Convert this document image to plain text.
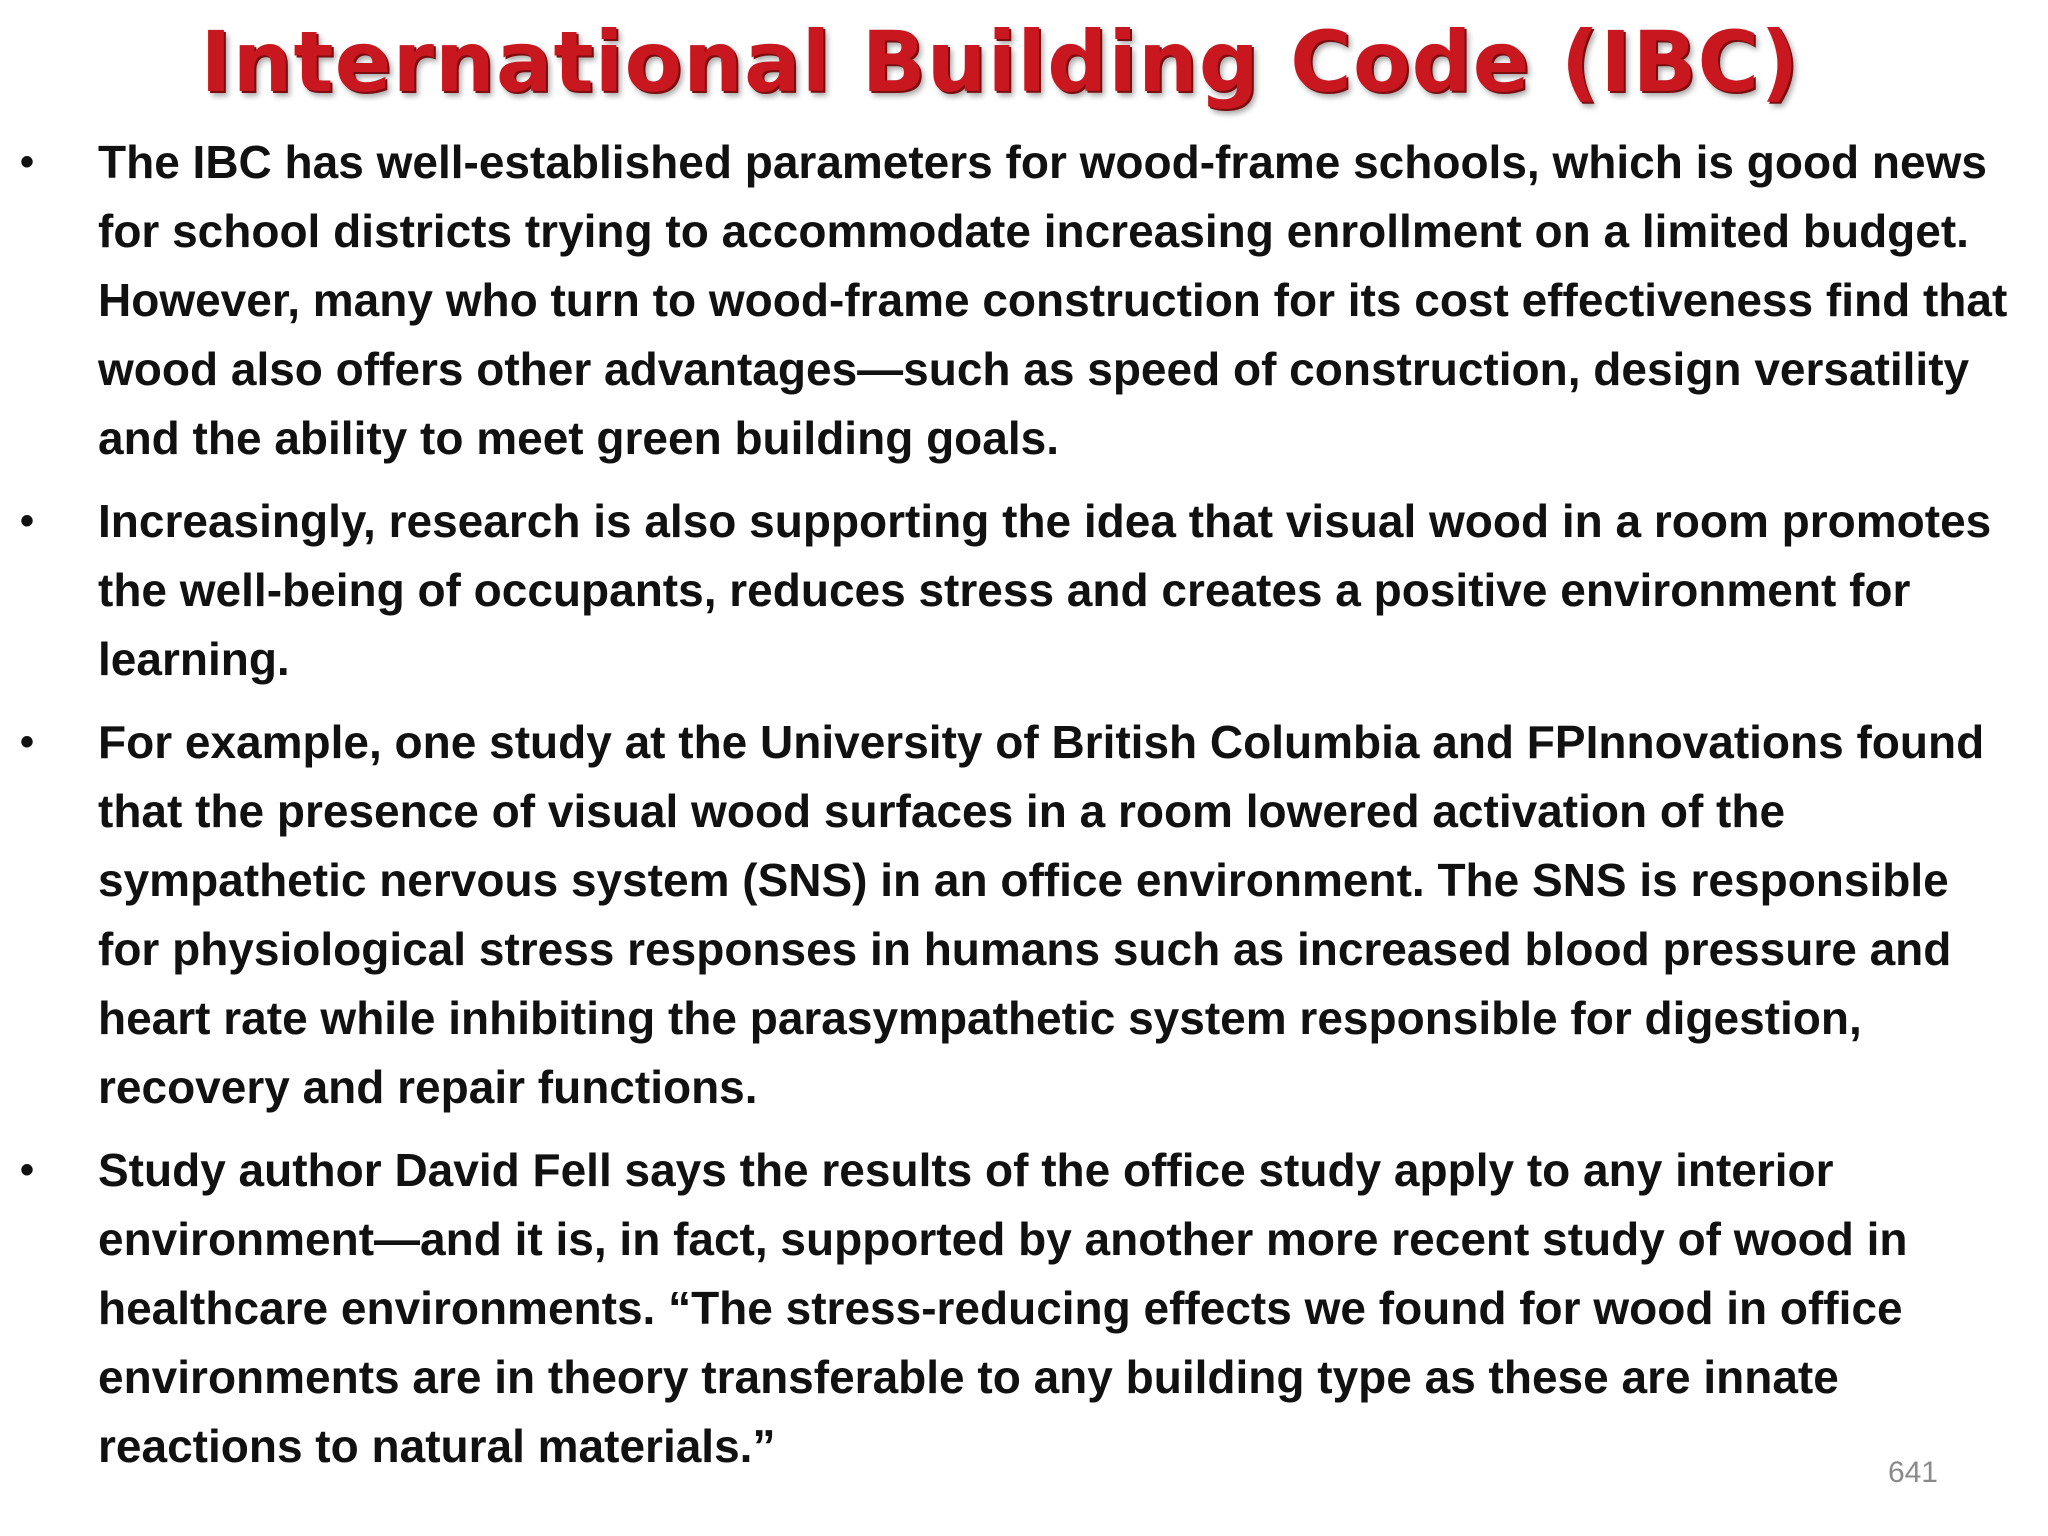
International Building Code (IBC)
•	The IBC has well-established parameters for wood-frame schools, which is good news for school districts trying to accommodate increasing enrollment on a limited budget. However, many who turn to wood-frame construction for its cost effectiveness find that wood also offers other advantages—such as speed of construction, design versatility and the ability to meet green building goals.
•	Increasingly, research is also supporting the idea that visual wood in a room promotes the well-being of occupants, reduces stress and creates a positive environment for learning.
•	For example, one study at the University of British Columbia and FPInnovations found that the presence of visual wood surfaces in a room lowered activation of the sympathetic nervous system (SNS) in an office environment. The SNS is responsible for physiological stress responses in humans such as increased blood pressure and heart rate while inhibiting the parasympathetic system responsible for digestion, recovery and repair functions.
•	Study author David Fell says the results of the office study apply to any interior environment—and it is, in fact, supported by another more recent study of wood in healthcare environments. “The stress-reducing effects we found for wood in office environments are in theory transferable to any building type as these are innate reactions to natural materials.”
641
